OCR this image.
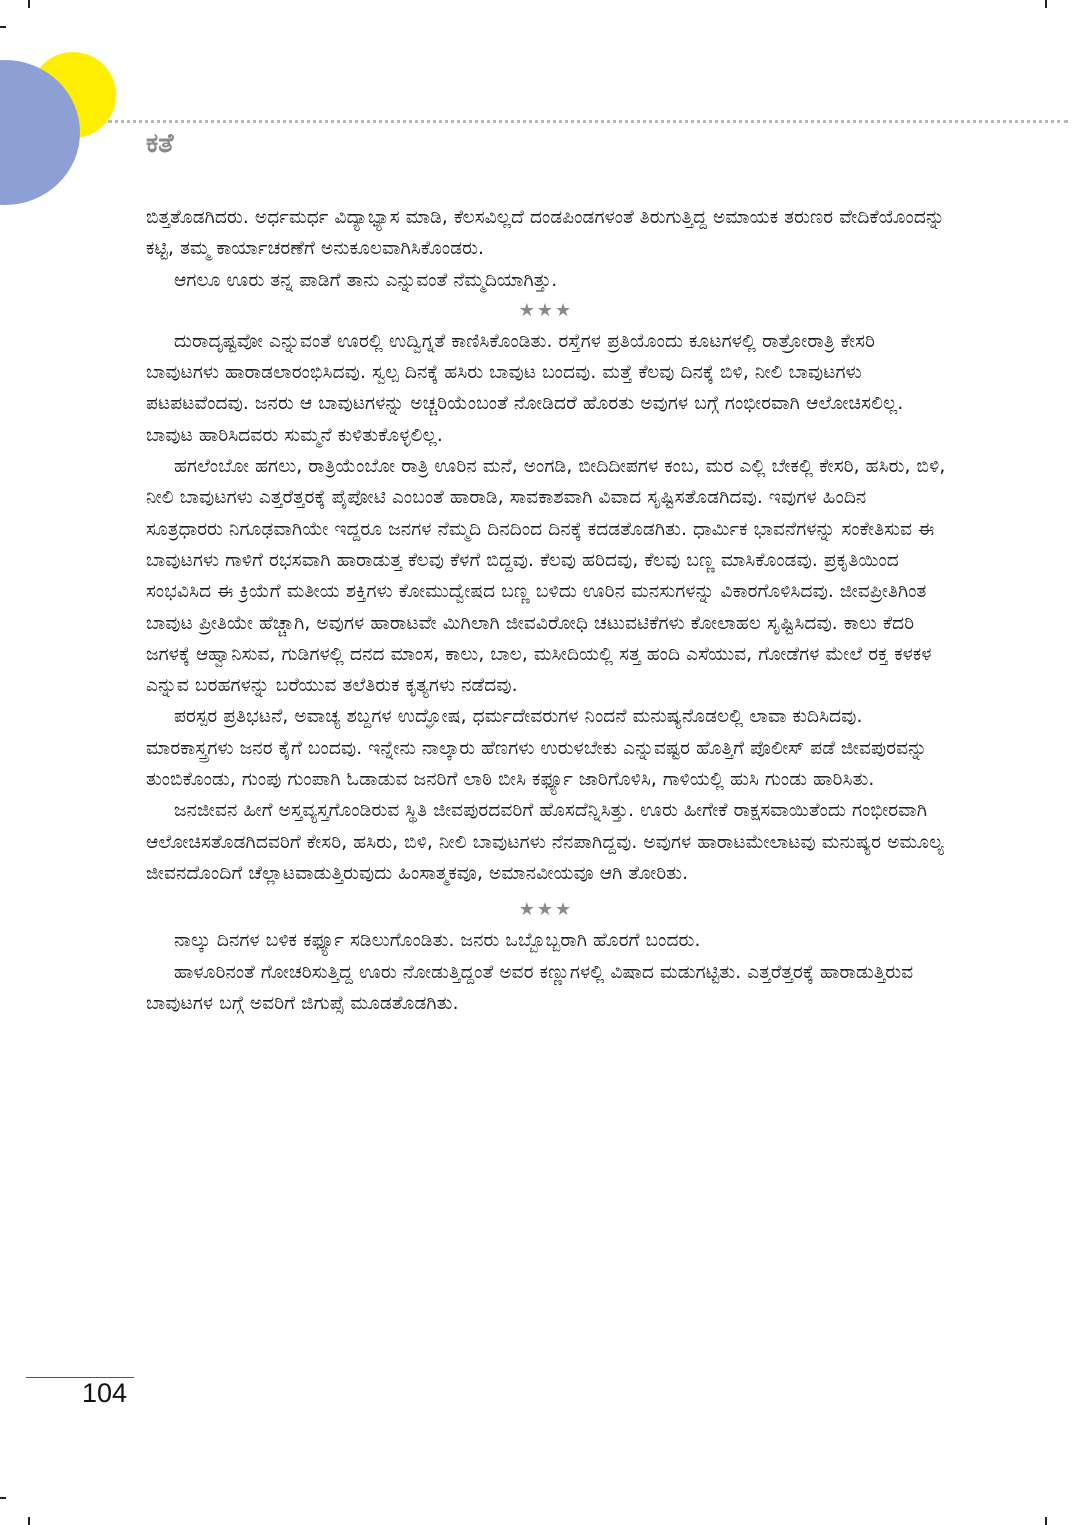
ಕತೆ

ಬಿತ್ತತೊಡಗಿದರು. ಅರ್ಧಮರ್ಧ ವಿದ್ಯಾಭ್ಯಾಸ ಮಾಡಿ, ಕೆಲಸವಿಲ್ಲದೆ ದಂಡಪಿಂಡಗಳಂತೆ ತಿರುಗುತ್ತಿದ್ದ ಅಮಾಯಕ ತರುಣರ ವೇದಿಕೆಯೊಂದನ್ನು ಕಟ್ಟಿ, ತಮ್ಮ ಕಾರ್ಯಾಚರಣೆಗೆ ಅನುಕೂಲವಾಗಿಸಿಕೊಂಡರು.

ಆಗಲೂ ಊರು ತನ್ನ ಪಾಡಿಗೆ ತಾನು ಎನ್ನುವಂತೆ ನೆಮ್ಮದಿಯಾಗಿತ್ತು.

★★★

ದುರಾದೃಷ್ಟವೋ ಎನ್ನುವಂತೆ ಊರಲ್ಲಿ ಉದ್ವಿಗ್ನತೆ ಕಾಣಿಸಿಕೊಂಡಿತು. ರಸ್ತೆಗಳ ಪ್ರತಿಯೊಂದು ಕೂಟಗಳಲ್ಲಿ ರಾತ್ರೋರಾತ್ರಿ ಕೇಸರಿ ಬಾವುಟಗಳು ಹಾರಾಡಲಾರಂಭಿಸಿದವು. ಸ್ವಲ್ಪ ದಿನಕ್ಕೆ ಹಸಿರು ಬಾವುಟ ಬಂದವು. ಮತ್ತೆ ಕೆಲವು ದಿನಕ್ಕೆ ಬಿಳಿ, ನೀಲಿ ಬಾವುಟಗಳು ಪಟಪಟವೆಂದವು. ಜನರು ಆ ಬಾವುಟಗಳನ್ನು ಅಚ್ಚರಿಯೆಂಬಂತೆ ನೋಡಿದರೆ ಹೊರತು ಅವುಗಳ ಬಗ್ಗೆ ಗಂಭೀರವಾಗಿ ಆಲೋಚಿಸಲಿಲ್ಲ. ಬಾವುಟ ಹಾರಿಸಿದವರು ಸುಮ್ಮನೆ ಕುಳಿತುಕೊಳ್ಳಲಿಲ್ಲ.

ಹಗಲೆಂಬೋ ಹಗಲು, ರಾತ್ರಿಯೆಂಬೋ ರಾತ್ರಿ ಊರಿನ ಮನೆ, ಅಂಗಡಿ, ಬೀದಿದೀಪಗಳ ಕಂಬ, ಮರ ಎಲ್ಲಿ ಬೇಕಲ್ಲಿ ಕೇಸರಿ, ಹಸಿರು, ಬಿಳಿ, ನೀಲಿ ಬಾವುಟಗಳು ಎತ್ತರೆತ್ತರಕ್ಕೆ ಪೈಪೋಟಿ ಎಂಬಂತೆ ಹಾರಾಡಿ, ಸಾವಕಾಶವಾಗಿ ವಿವಾದ ಸೃಷ್ಟಿಸತೊಡಗಿದವು. ಇವುಗಳ ಹಿಂದಿನ ಸೂತ್ರಧಾರರು ನಿಗೂಢವಾಗಿಯೇ ಇದ್ದರೂ ಜನಗಳ ನೆಮ್ಮದಿ ದಿನದಿಂದ ದಿನಕ್ಕೆ ಕದಡತೊಡಗಿತು. ಧಾರ್ಮಿಕ ಭಾವನೆಗಳನ್ನು ಸಂಕೇತಿಸುವ ಈ ಬಾವುಟಗಳು ಗಾಳಿಗೆ ರಭಸವಾಗಿ ಹಾರಾಡುತ್ತ ಕೆಲವು ಕೆಳಗೆ ಬಿದ್ದವು. ಕೆಲವು ಹರಿದವು, ಕೆಲವು ಬಣ್ಣ ಮಾಸಿಕೊಂಡವು. ಪ್ರಕೃತಿಯಿಂದ ಸಂಭವಿಸಿದ ಈ ಕ್ರಿಯೆಗೆ ಮತೀಯ ಶಕ್ತಿಗಳು ಕೋಮುದ್ವೇಷದ ಬಣ್ಣ ಬಳಿದು ಊರಿನ ಮನಸುಗಳನ್ನು ವಿಕಾರಗೊಳಿಸಿದವು. ಜೀವಪ್ರೀತಿಗಿಂತ ಬಾವುಟ ಪ್ರೀತಿಯೇ ಹೆಚ್ಚಾಗಿ, ಅವುಗಳ ಹಾರಾಟವೇ ಮಿಗಿಲಾಗಿ ಜೀವವಿರೋಧಿ ಚಟುವಟಿಕೆಗಳು ಕೋಲಾಹಲ ಸೃಷ್ಟಿಸಿದವು. ಕಾಲು ಕೆದರಿ ಜಗಳಕ್ಕೆ ಆಹ್ವಾನಿಸುವ, ಗುಡಿಗಳಲ್ಲಿ ದನದ ಮಾಂಸ, ಕಾಲು, ಬಾಲ, ಮಸೀದಿಯಲ್ಲಿ ಸತ್ತ ಹಂದಿ ಎಸೆಯುವ, ಗೋಡೆಗಳ ಮೇಲೆ ರಕ್ತ ಕಳಕಳ ಎನ್ನುವ ಬರಹಗಳನ್ನು ಬರೆಯುವ ತಲೆತಿರುಕ ಕೃತ್ಯಗಳು ನಡೆದವು.

ಪರಸ್ಪರ ಪ್ರತಿಭಟನೆ, ಅವಾಚ್ಯ ಶಬ್ದಗಳ ಉದ್ಘೋಷ, ಧರ್ಮದೇವರುಗಳ ನಿಂದನೆ ಮನುಷ್ಯನೊಡಲಲ್ಲಿ ಲಾವಾ ಕುದಿಸಿದವು. ಮಾರಕಾಸ್ತ್ರಗಳು ಜನರ ಕೈಗೆ ಬಂದವು. ಇನ್ನೇನು ನಾಲ್ಕಾರು ಹೆಣಗಳು ಉರುಳಬೇಕು ಎನ್ನುವಷ್ಟರ ಹೊತ್ತಿಗೆ ಪೊಲೀಸ್ ಪಡೆ ಜೀವಪುರವನ್ನು ತುಂಬಿಕೊಂಡು, ಗುಂಪು ಗುಂಪಾಗಿ ಓಡಾಡುವ ಜನರಿಗೆ ಲಾಠಿ ಬೀಸಿ ಕರ್ಫ್ಯೂ ಜಾರಿಗೊಳಿಸಿ, ಗಾಳಿಯಲ್ಲಿ ಹುಸಿ ಗುಂಡು ಹಾರಿಸಿತು.

ಜನಜೀವನ ಹೀಗೆ ಅಸ್ತವ್ಯಸ್ತಗೊಂಡಿರುವ ಸ್ಥಿತಿ ಜೀವಪುರದವರಿಗೆ ಹೊಸದೆನ್ನಿಸಿತ್ತು. ಊರು ಹೀಗೇಕೆ ರಾಕ್ಷಸವಾಯಿತೆಂದು ಗಂಭೀರವಾಗಿ ಆಲೋಚಿಸತೊಡಗಿದವರಿಗೆ ಕೇಸರಿ, ಹಸಿರು, ಬಿಳಿ, ನೀಲಿ ಬಾವುಟಗಳು ನೆನಪಾಗಿದ್ದವು. ಅವುಗಳ ಹಾರಾಟಮೇಲಾಟವು ಮನುಷ್ಯರ ಅಮೂಲ್ಯ ಜೀವನದೊಂದಿಗೆ ಚೆಲ್ಲಾಟವಾಡುತ್ತಿರುವುದು ಹಿಂಸಾತ್ಮಕವೂ, ಅಮಾನವೀಯವೂ ಆಗಿ ತೋರಿತು.

★★★

ನಾಲ್ಕು ದಿನಗಳ ಬಳಿಕ ಕರ್ಫ್ಯೂ ಸಡಿಲುಗೊಂಡಿತು. ಜನರು ಒಬ್ಬೊಬ್ಬರಾಗಿ ಹೊರಗೆ ಬಂದರು.

ಹಾಳೂರಿನಂತೆ ಗೋಚರಿಸುತ್ತಿದ್ದ ಊರು ನೋಡುತ್ತಿದ್ದಂತೆ ಅವರ ಕಣ್ಣುಗಳಲ್ಲಿ ವಿಷಾದ ಮಡುಗಟ್ಟಿತು. ಎತ್ತರೆತ್ತರಕ್ಕೆ ಹಾರಾಡುತ್ತಿರುವ ಬಾವುಟಗಳ ಬಗ್ಗೆ ಅವರಿಗೆ ಜಿಗುಪ್ಸೆ ಮೂಡತೊಡಗಿತು.

104
